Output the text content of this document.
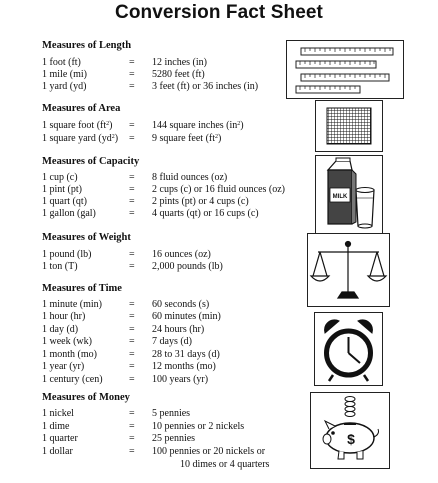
Conversion Fact Sheet
Measures of Length
1 foot (ft)	= 12 inches (in)
1 mile (mi)	= 5280 feet (ft)
1 yard (yd)	= 3 feet (ft) or 36 inches (in)
Measures of Area
1 square foot $(ft^2) = 144$ square inches $(in^2)$
1 square yard $(yd^2) = 9$ square feet $(ft^2)$
Measures of Capacity
1 cup (c)	= 8 fluid ounces (oz)
1 pint (pt)	= 2 cups (c) or 16 fluid ounces (oz)
1 quart (qt)	= 2 pints (pt) or 4 cups (c)
1 gallon (gal)	= 4 quarts (qt) or 16 cups (c)
MILK
Measures of Weight
1 pound (lb)	= 16 ounces (oz)
1 ton (T)	= 2,000 pounds (lb)
Measures of Time
1 minute (min)	= 60 seconds (s)
1 hour (hr)	= 60 minutes (min)
1 day (d)	= 24 hours (hr)
1 week (wk)	= 7 days (d)
1 month (mo)	= 28 to 31 days (d)
1 year (yr)	= 12 months (mo)
1 century (cen)	= 100 years (yr)
Measures of Money
1 nickel	= 5 pennies
1 dime	= 10 pennies or 2 nickels
1 quarter	= 25 pennies
1 dollar	= 100 pennies or 20 nickels or
10 dimes or 4 quarters
$
